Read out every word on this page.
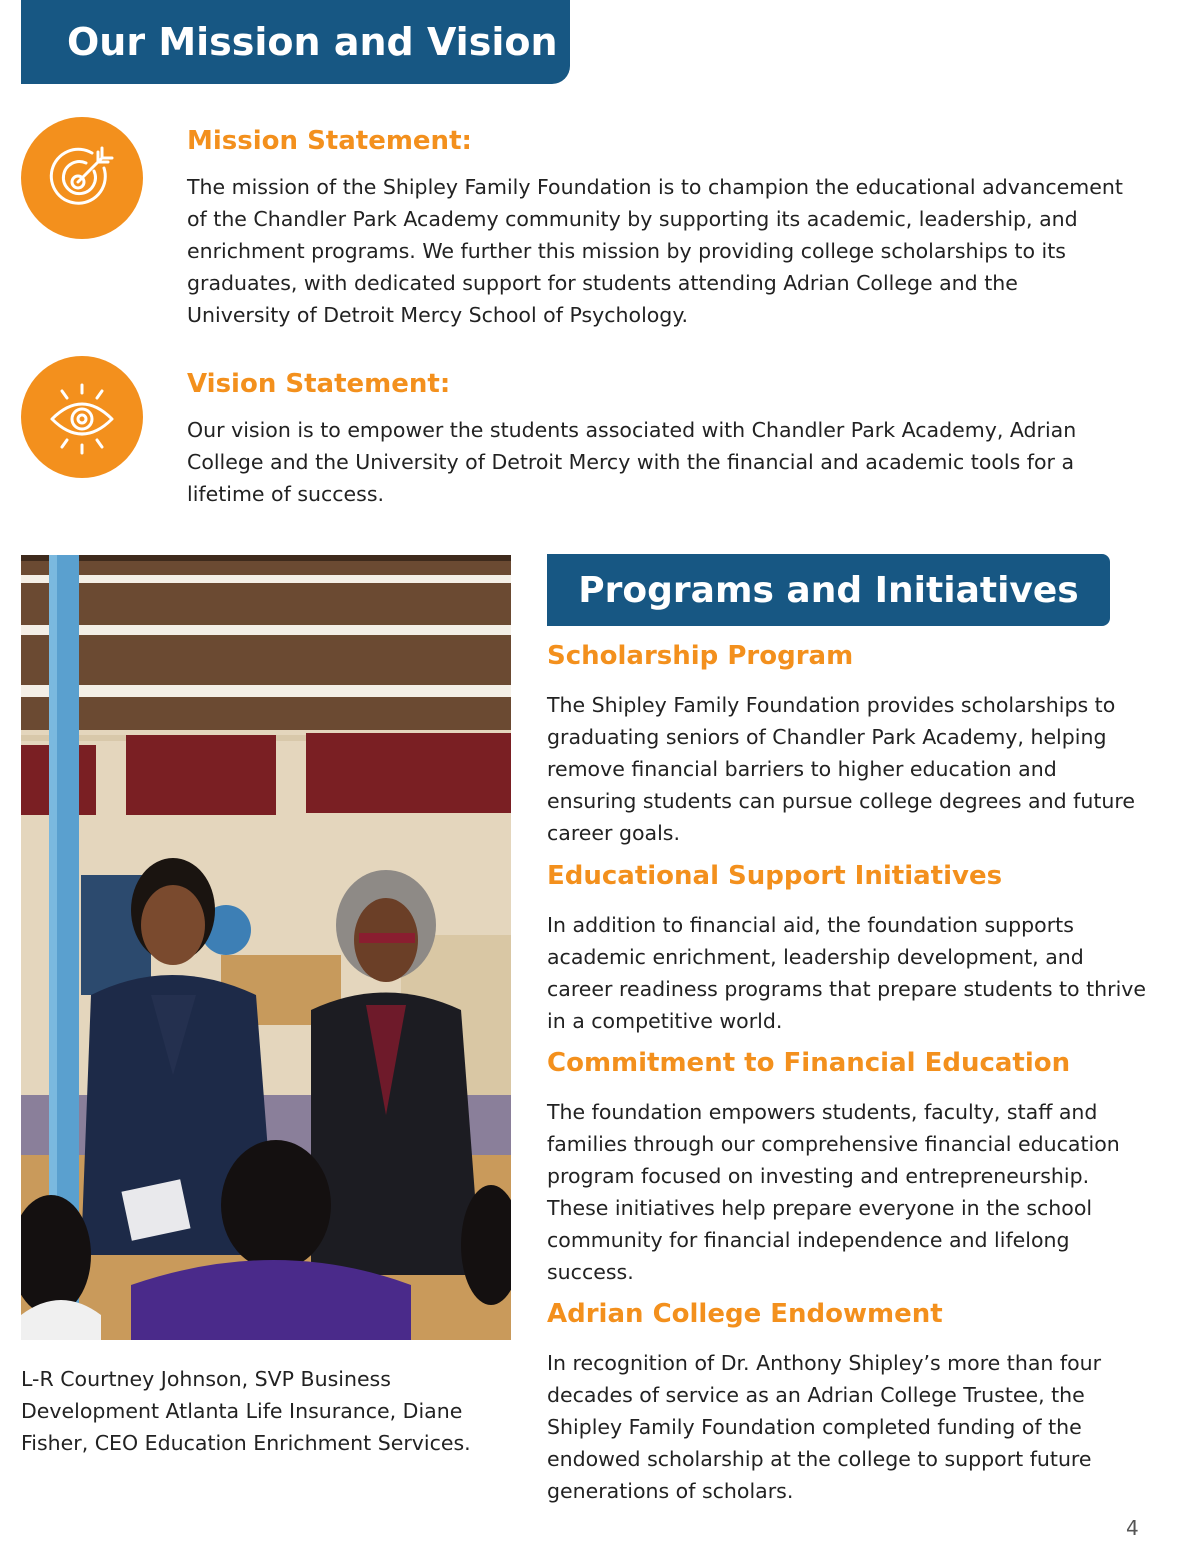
Our Mission and Vision
Mission Statement:

The mission of the Shipley Family Foundation is to champion the educational advancement of the Chandler Park Academy community by supporting its academic, leadership, and enrichment programs. We further this mission by providing college scholarships to its graduates, with dedicated support for students attending Adrian College and the University of Detroit Mercy School of Psychology.

Vision Statement:

Our vision is to empower the students associated with Chandler Park Academy, Adrian College and the University of Detroit Mercy with the financial and academic tools for a lifetime of success.

L-R Courtney Johnson, SVP Business Development Atlanta Life Insurance, Diane Fisher, CEO Education Enrichment Services.

Programs and Initiatives
Scholarship Program

The Shipley Family Foundation provides scholarships to graduating seniors of Chandler Park Academy, helping remove financial barriers to higher education and ensuring students can pursue college degrees and future career goals.

Educational Support Initiatives

In addition to financial aid, the foundation supports academic enrichment, leadership development, and career readiness programs that prepare students to thrive in a competitive world.

Commitment to Financial Education

The foundation empowers students, faculty, staff and families through our comprehensive financial education program focused on investing and entrepreneurship. These initiatives help prepare everyone in the school community for financial independence and lifelong success.

Adrian College Endowment

In recognition of Dr. Anthony Shipley’s more than four decades of service as an Adrian College Trustee, the Shipley Family Foundation completed funding of the endowed scholarship at the college to support future generations of scholars.

4
